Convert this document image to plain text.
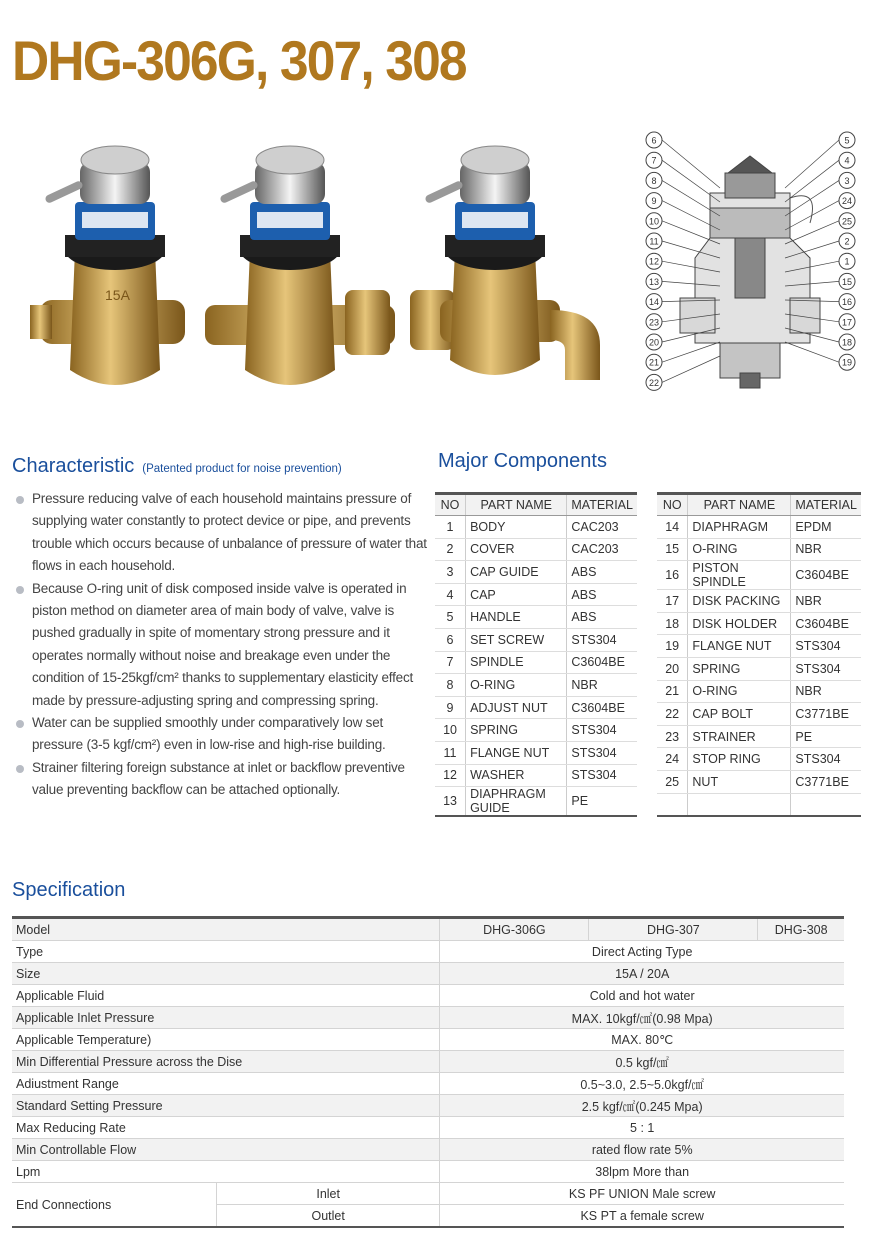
DHG-306G, 307, 308
15A
6
7
8
9
10
11
12
13
14
23
20
21
22
5
4
3
24
25
2
1
15
16
17
18
19
Characteristic (Patented product for noise prevention)
Pressure reducing valve of each household maintains pressure of supplying water constantly to protect device or pipe, and prevents trouble which occurs because of unbalance of pressure of water that flows in each household.
Because O-ring unit of disk composed inside valve is operated in piston method on diameter area of main body of valve, valve is pushed gradually in spite of momentary strong pressure and it operates normally without noise and breakage even under the condition of 15-25kgf/cm² thanks to supplementary elasticity effect made by pressure-adjusting spring and compressing spring.
Water can be supplied smoothly under comparatively low set pressure (3-5 kgf/cm²) even in low-rise and high-rise building.
Strainer filtering foreign substance at inlet or backflow preventive value preventing backflow can be attached optionally.
Major Components
NO	PART NAME	MATERIAL
1	BODY	CAC203
2	COVER	CAC203
3	CAP GUIDE	ABS
4	CAP	ABS
5	HANDLE	ABS
6	SET SCREW	STS304
7	SPINDLE	C3604BE
8	O-RING	NBR
9	ADJUST NUT	C3604BE
10	SPRING	STS304
11	FLANGE NUT	STS304
12	WASHER	STS304
13	DIAPHRAGM GUIDE	PE
NO	PART NAME	MATERIAL
14	DIAPHRAGM	EPDM
15	O-RING	NBR
16	PISTON SPINDLE	C3604BE
17	DISK PACKING	NBR
18	DISK HOLDER	C3604BE
19	FLANGE NUT	STS304
20	SPRING	STS304
21	O-RING	NBR
22	CAP BOLT	C3771BE
23	STRAINER	PE
24	STOP RING	STS304
25	NUT	C3771BE

Specification
Model		DHG-306G	DHG-307	DHG-308
Type		Direct Acting Type		
Size		15A / 20A		
Applicable Fluid		Cold and hot water		
Applicable Inlet Pressure		MAX. 10kgf/㎠(0.98 Mpa)		
Applicable Temperature)		MAX. 80℃		
Min Differential Pressure across the Dise		0.5 kgf/㎠		
Adiustment Range		0.5~3.0, 2.5~5.0kgf/㎠		
Standard Setting Pressure		2.5 kgf/㎠(0.245 Mpa)		
Max Reducing Rate		5 : 1		
Min Controllable Flow		rated flow rate 5%		
Lpm		38lpm More than		
End Connections	Inlet	KS PF UNION Male screw		
	Outlet	KS PT a female screw		
